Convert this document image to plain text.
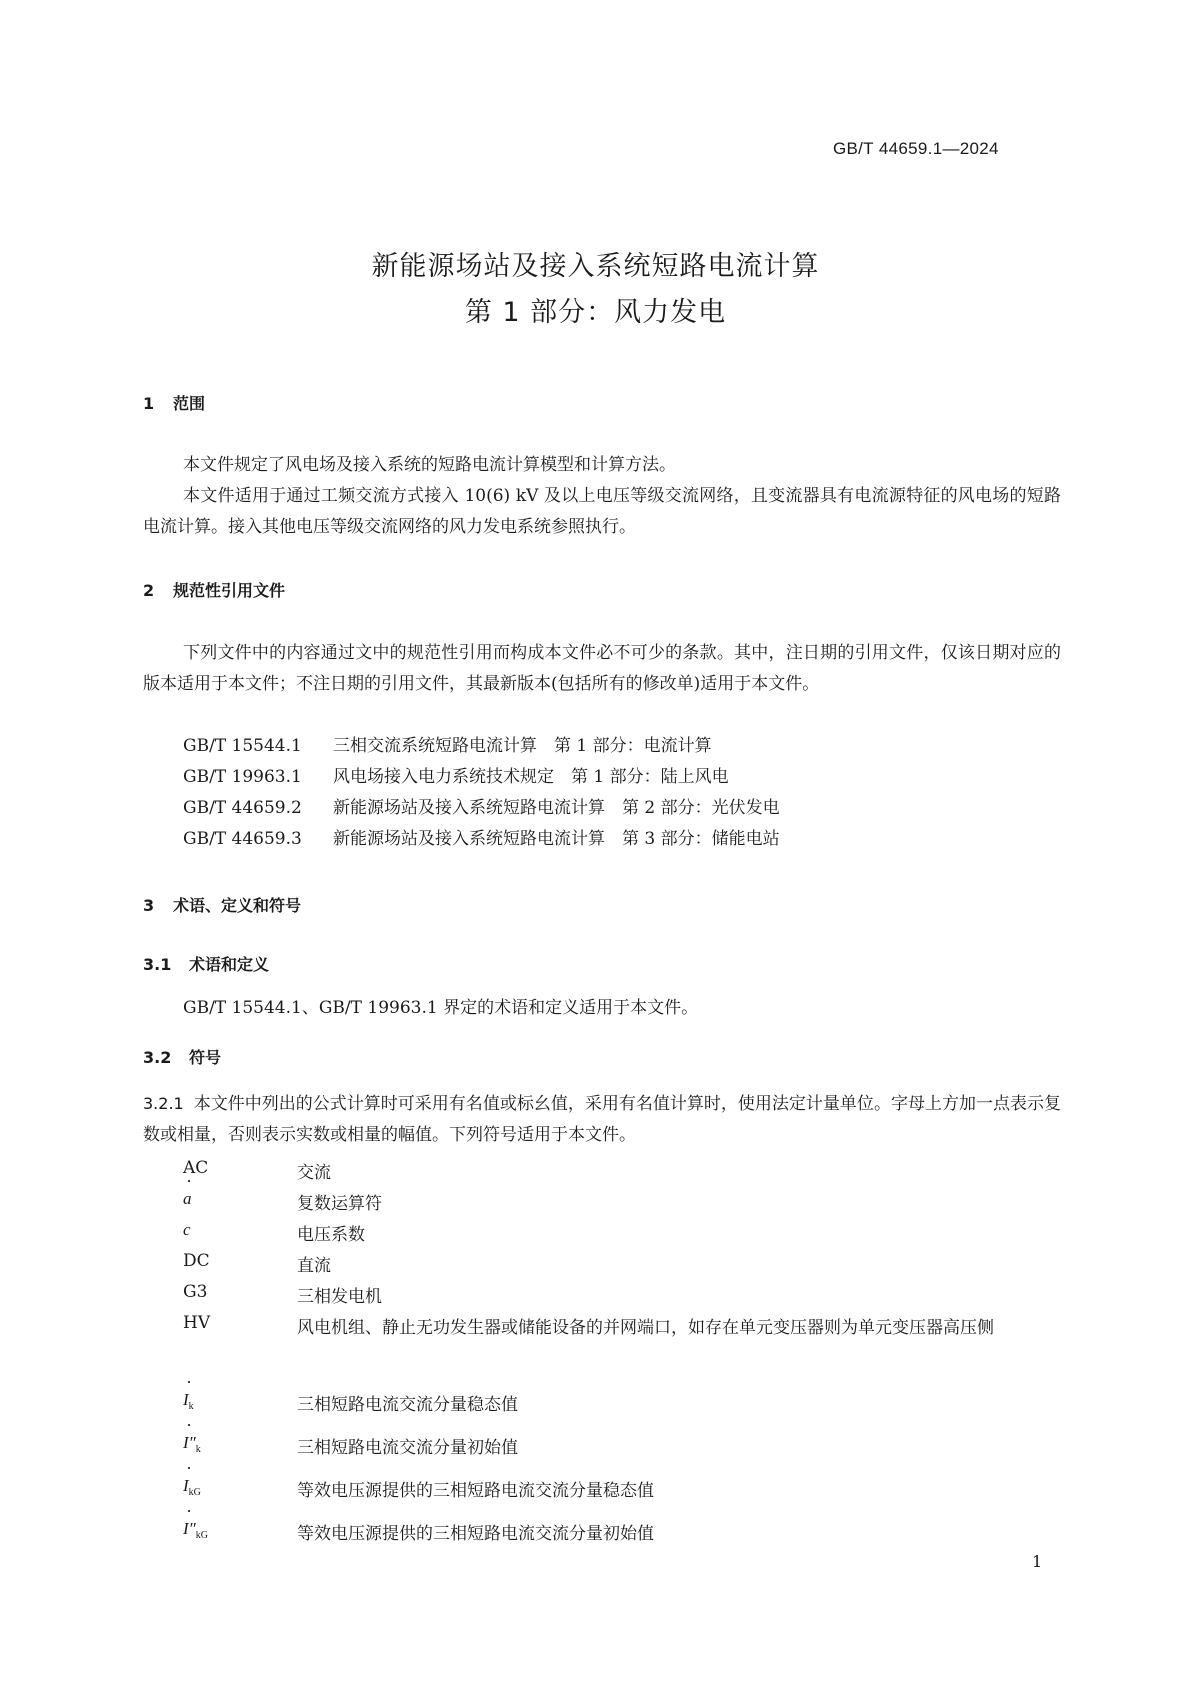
GB/T 44659.1—2024
新能源场站及接入系统短路电流计算
第 1 部分：风力发电
1 范围
本文件规定了风电场及接入系统的短路电流计算模型和计算方法。
本文件适用于通过工频交流方式接入 10(6) kV 及以上电压等级交流网络，且变流器具有电流源特征的风电场的短路电流计算。接入其他电压等级交流网络的风力发电系统参照执行。
2 规范性引用文件
下列文件中的内容通过文中的规范性引用而构成本文件必不可少的条款。其中，注日期的引用文件，仅该日期对应的版本适用于本文件；不注日期的引用文件，其最新版本(包括所有的修改单)适用于本文件。
GB/T 15544.1 三相交流系统短路电流计算　第 1 部分：电流计算
GB/T 19963.1 风电场接入电力系统技术规定　第 1 部分：陆上风电
GB/T 44659.2 新能源场站及接入系统短路电流计算　第 2 部分：光伏发电
GB/T 44659.3 新能源场站及接入系统短路电流计算　第 3 部分：储能电站
3 术语、定义和符号
3.1 术语和定义
GB/T 15544.1、GB/T 19963.1 界定的术语和定义适用于本文件。
3.2 符号
3.2.1 本文件中列出的公式计算时可采用有名值或标幺值，采用有名值计算时，使用法定计量单位。字母上方加一点表示复数或相量，否则表示实数或相量的幅值。下列符号适用于本文件。
AC	交流
· a	复数运算符
c	电压系数
DC	直流
G3	三相发电机
HV	风电机组、静止无功发生器或储能设备的并网端口，如存在单元变压器则为单元变压器高压侧
· $I_k$	三相短路电流交流分量稳态值
· $I''_k$	三相短路电流交流分量初始值
· $I_{kG}$	等效电压源提供的三相短路电流交流分量稳态值
· $I''_{kG}$	等效电压源提供的三相短路电流交流分量初始值
1
